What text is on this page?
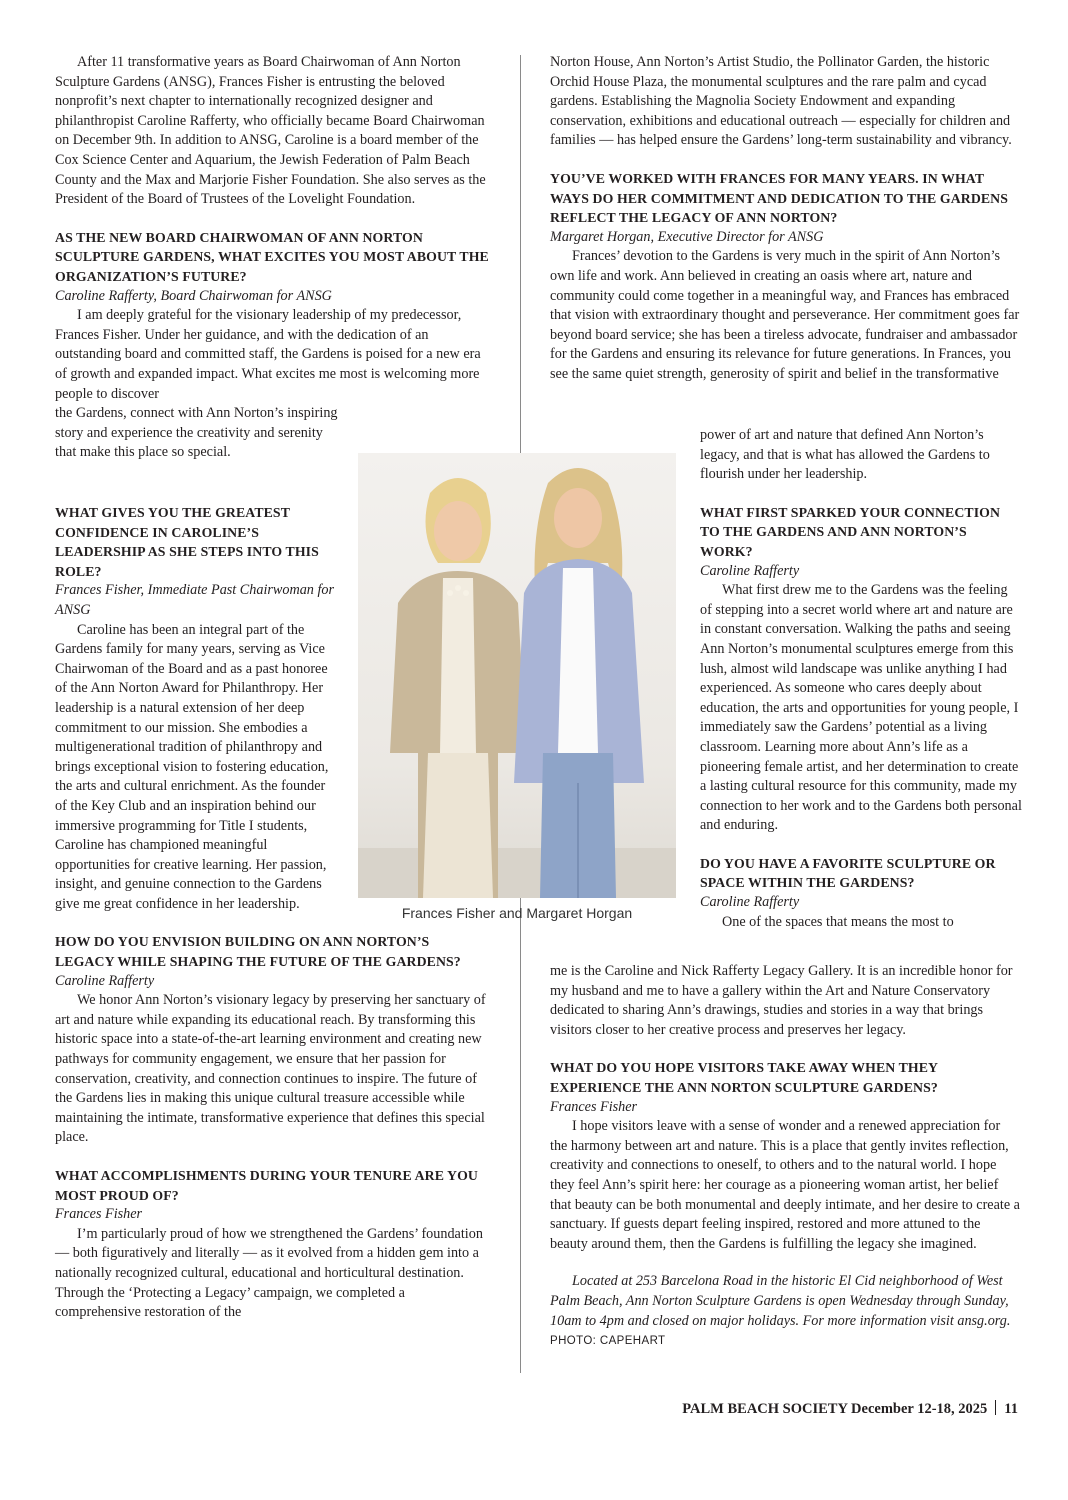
After 11 transformative years as Board Chairwoman of Ann Norton Sculpture Gardens (ANSG), Frances Fisher is entrusting the beloved nonprofit’s next chapter to internationally recognized designer and philanthropist Caroline Rafferty, who officially became Board Chairwoman on December 9th. In addition to ANSG, Caroline is a board member of the Cox Science Center and Aquarium, the Jewish Federation of Palm Beach County and the Max and Marjorie Fisher Foundation. She also serves as the President of the Board of Trustees of the Lovelight Foundation.

AS THE NEW BOARD CHAIRWOMAN OF ANN NORTON SCULPTURE GARDENS, WHAT EXCITES YOU MOST ABOUT THE ORGANIZATION’S FUTURE?
Caroline Rafferty, Board Chairwoman for ANSG

I am deeply grateful for the visionary leadership of my predecessor, Frances Fisher. Under her guidance, and with the dedication of an outstanding board and committed staff, the Gardens is poised for a new era of growth and expanded impact. What excites me most is welcoming more people to discover

the Gardens, connect with Ann Norton’s inspiring story and experience the creativity and serenity that make this place so special.

WHAT GIVES YOU THE GREATEST CONFIDENCE IN CAROLINE’S LEADERSHIP AS SHE STEPS INTO THIS ROLE?
Frances Fisher, Immediate Past Chairwoman for ANSG

Caroline has been an integral part of the Gardens family for many years, serving as Vice Chairwoman of the Board and as a past honoree of the Ann Norton Award for Philanthropy. Her leadership is a natural extension of her deep commitment to our mission. She embodies a multigenerational tradition of philanthropy and brings exceptional vision to fostering education, the arts and cultural enrichment. As the founder of the Key Club and an inspiration behind our immersive programming for Title I students, Caroline has championed meaningful opportunities for creative learning. Her passion, insight, and genuine connection to the Gardens give me great confidence in her leadership.

HOW DO YOU ENVISION BUILDING ON ANN NORTON’S LEGACY WHILE SHAPING THE FUTURE OF THE GARDENS?
Caroline Rafferty

We honor Ann Norton’s visionary legacy by preserving her sanctuary of art and nature while expanding its educational reach. By transforming this historic space into a state-of-the-art learning environment and creating new pathways for community engagement, we ensure that her passion for conservation, creativity, and connection continues to inspire. The future of the Gardens lies in making this unique cultural treasure accessible while maintaining the intimate, transformative experience that defines this special place.

WHAT ACCOMPLISHMENTS DURING YOUR TENURE ARE YOU MOST PROUD OF?
Frances Fisher

I’m particularly proud of how we strengthened the Gardens’ foundation — both figuratively and literally — as it evolved from a hidden gem into a nationally recognized cultural, educational and horticultural destination. Through the ‘Protecting a Legacy’ campaign, we completed a comprehensive restoration of the

Norton House, Ann Norton’s Artist Studio, the Pollinator Garden, the historic Orchid House Plaza, the monumental sculptures and the rare palm and cycad gardens. Establishing the Magnolia Society Endowment and expanding conservation, exhibitions and educational outreach — especially for children and families — has helped ensure the Gardens’ long-term sustainability and vibrancy.

YOU’VE WORKED WITH FRANCES FOR MANY YEARS. IN WHAT WAYS DO HER COMMITMENT AND DEDICATION TO THE GARDENS REFLECT THE LEGACY OF ANN NORTON?
Margaret Horgan, Executive Director for ANSG

Frances’ devotion to the Gardens is very much in the spirit of Ann Norton’s own life and work. Ann believed in creating an oasis where art, nature and community could come together in a meaningful way, and Frances has embraced that vision with extraordinary thought and perseverance. Her commitment goes far beyond board service; she has been a tireless advocate, fundraiser and ambassador for the Gardens and ensuring its relevance for future generations. In Frances, you see the same quiet strength, generosity of spirit and belief in the transformative

power of art and nature that defined Ann Norton’s legacy, and that is what has allowed the Gardens to flourish under her leadership.

WHAT FIRST SPARKED YOUR CONNECTION TO THE GARDENS AND ANN NORTON’S WORK?
Caroline Rafferty

What first drew me to the Gardens was the feeling of stepping into a secret world where art and nature are in constant conversation. Walking the paths and seeing Ann Norton’s monumental sculptures emerge from this lush, almost wild landscape was unlike anything I had experienced. As someone who cares deeply about education, the arts and opportunities for young people, I immediately saw the Gardens’ potential as a living classroom. Learning more about Ann’s life as a pioneering female artist, and her determination to create a lasting cultural resource for this community, made my connection to her work and to the Gardens both personal and enduring.

DO YOU HAVE A FAVORITE SCULPTURE OR SPACE WITHIN THE GARDENS?
Caroline Rafferty

One of the spaces that means the most to

me is the Caroline and Nick Rafferty Legacy Gallery. It is an incredible honor for my husband and me to have a gallery within the Art and Nature Conservatory dedicated to sharing Ann’s drawings, studies and stories in a way that brings visitors closer to her creative process and preserves her legacy.

WHAT DO YOU HOPE VISITORS TAKE AWAY WHEN THEY EXPERIENCE THE ANN NORTON SCULPTURE GARDENS?
Frances Fisher

I hope visitors leave with a sense of wonder and a renewed appreciation for the harmony between art and nature. This is a place that gently invites reflection, creativity and connections to oneself, to others and to the natural world. I hope they feel Ann’s spirit here: her courage as a pioneering woman artist, her belief that beauty can be both monumental and deeply intimate, and her desire to create a sanctuary. If guests depart feeling inspired, restored and more attuned to the beauty around them, then the Gardens is fulfilling the legacy she imagined.

Located at 253 Barcelona Road in the historic El Cid neighborhood of West Palm Beach, Ann Norton Sculpture Gardens is open Wednesday through Sunday, 10am to 4pm and closed on major holidays. For more information visit ansg.org. PHOTO: CAPEHART

Frances Fisher and Margaret Horgan
PALM BEACH SOCIETY December 12-18, 2025 11
